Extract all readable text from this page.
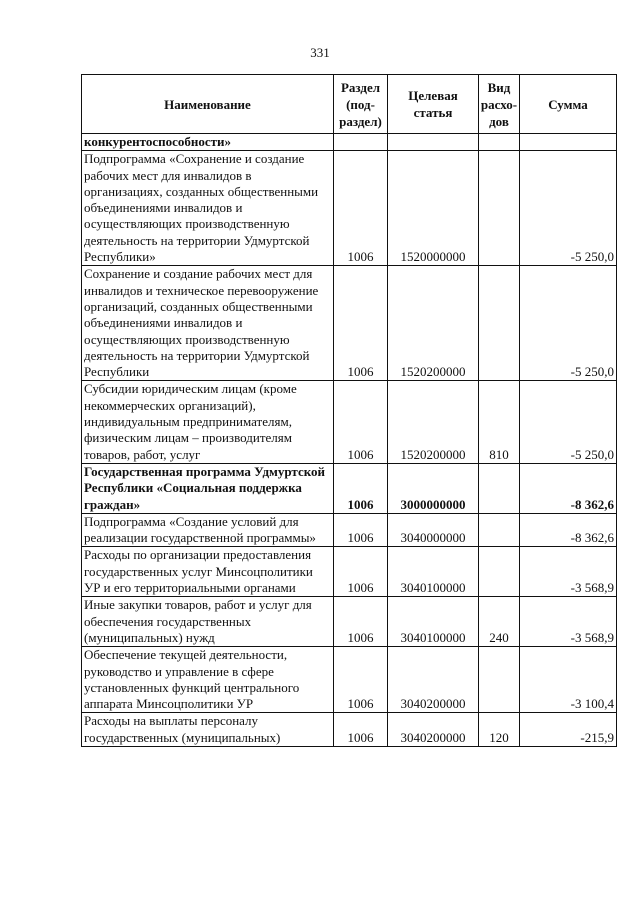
331
Наименование	Раздел (под-раздел)	Целевая статья	Вид расхо-дов	Сумма
конкурентоспособности»				
Подпрограмма «Сохранение и создание рабочих мест для инвалидов в организациях, созданных общественными объединениями инвалидов и осуществляющих производственную деятельность на территории Удмуртской Республики»	1006	1520000000		-5 250,0
Сохранение и создание рабочих мест для инвалидов и техническое перевооружение организаций, созданных общественными объединениями инвалидов и осуществляющих производственную деятельность на территории Удмуртской Республики	1006	1520200000		-5 250,0
Субсидии юридическим лицам (кроме некоммерческих организаций), индивидуальным предпринимателям, физическим лицам – производителям товаров, работ, услуг	1006	1520200000	810	-5 250,0
Государственная программа Удмуртской Республики «Социальная поддержка граждан»	1006	3000000000		-8 362,6
Подпрограмма «Создание условий для реализации государственной программы»	1006	3040000000		-8 362,6
Расходы по организации предоставления государственных услуг Минсоцполитики УР и его территориальными органами	1006	3040100000		-3 568,9
Иные закупки товаров, работ и услуг для обеспечения государственных (муниципальных) нужд	1006	3040100000	240	-3 568,9
Обеспечение текущей деятельности, руководство и управление в сфере установленных функций центрального аппарата Минсоцполитики УР	1006	3040200000		-3 100,4
Расходы на выплаты персоналу государственных (муниципальных)	1006	3040200000	120	-215,9
